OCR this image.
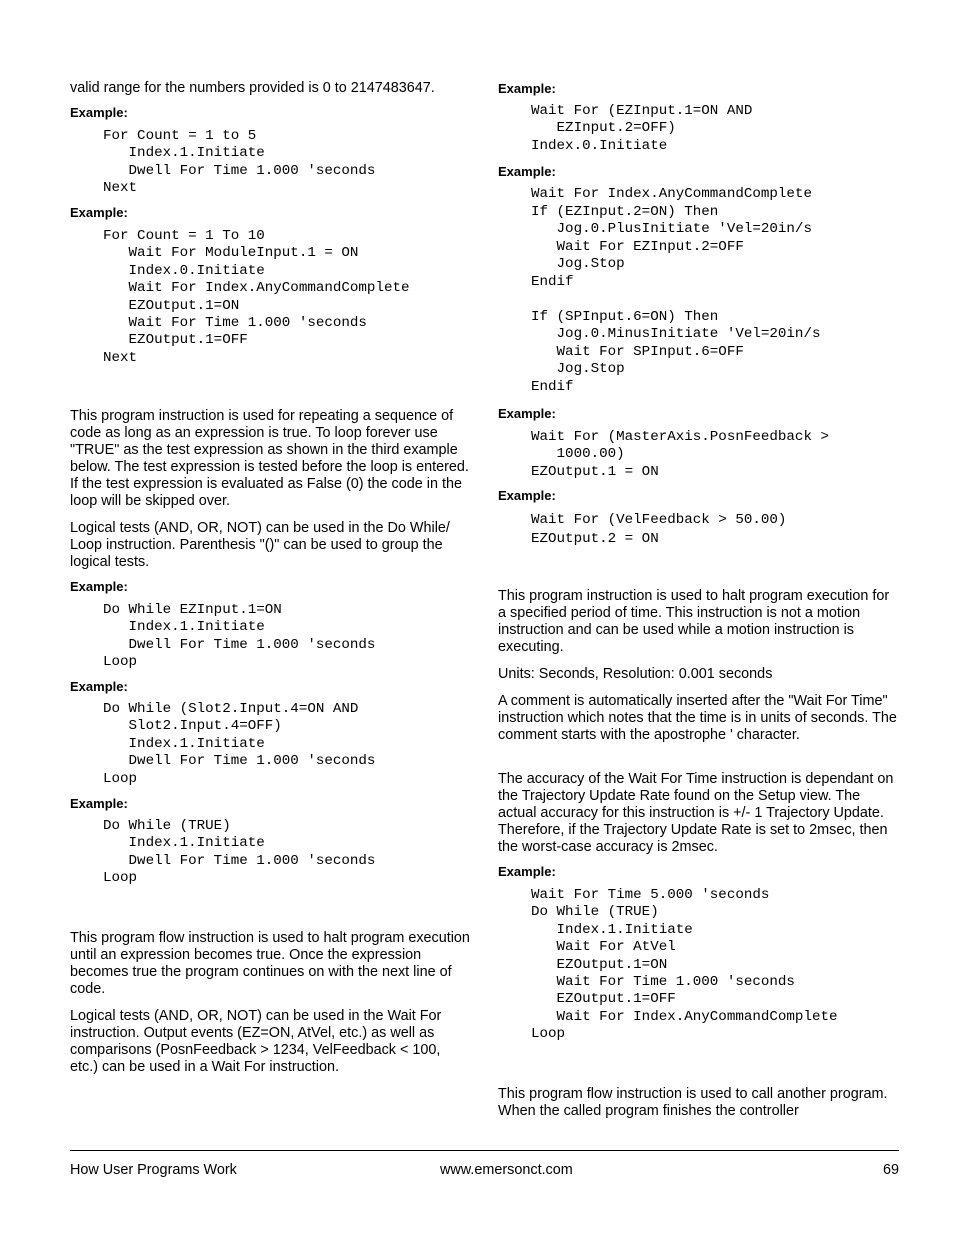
valid range for the numbers provided is 0 to 2147483647.

Example:
For Count = 1 to 5
Index.1.Initiate
Dwell For Time 1.000 'seconds
Next
Example:
For Count = 1 To 10
Wait For ModuleInput.1 = ON
Index.0.Initiate
Wait For Index.AnyCommandComplete
EZOutput.1=ON
Wait For Time 1.000 'seconds
EZOutput.1=OFF
Next

This program instruction is used for repeating a sequence of code as long as an expression is true. To loop forever use "TRUE" as the test expression as shown in the third example below. The test expression is tested before the loop is entered. If the test expression is evaluated as False (0) the code in the loop will be skipped over.

Logical tests (AND, OR, NOT) can be used in the Do While/ Loop instruction. Parenthesis "()" can be used to group the logical tests.

Example:
Do While EZInput.1=ON
Index.1.Initiate
Dwell For Time 1.000 'seconds
Loop
Example:
Do While (Slot2.Input.4=ON AND
Slot2.Input.4=OFF)
Index.1.Initiate
Dwell For Time 1.000 'seconds
Loop
Example:
Do While (TRUE)
Index.1.Initiate
Dwell For Time 1.000 'seconds
Loop

This program flow instruction is used to halt program execution until an expression becomes true. Once the expression becomes true the program continues on with the next line of code.

Logical tests (AND, OR, NOT) can be used in the Wait For instruction. Output events (EZ=ON, AtVel, etc.) as well as comparisons (PosnFeedback > 1234, VelFeedback < 100, etc.) can be used in a Wait For instruction.

Example:
Wait For (EZInput.1=ON AND
EZInput.2=OFF)
Index.0.Initiate
Example:
Wait For Index.AnyCommandComplete
If (EZInput.2=ON) Then
Jog.0.PlusInitiate 'Vel=20in/s
Wait For EZInput.2=OFF
Jog.Stop
Endif

If (SPInput.6=ON) Then
Jog.0.MinusInitiate 'Vel=20in/s
Wait For SPInput.6=OFF
Jog.Stop
Endif
Example:
Wait For (MasterAxis.PosnFeedback >
1000.00)
EZOutput.1 = ON
Example:
Wait For (VelFeedback > 50.00)
EZOutput.2 = ON

This program instruction is used to halt program execution for a specified period of time. This instruction is not a motion instruction and can be used while a motion instruction is executing.

Units: Seconds, Resolution: 0.001 seconds

A comment is automatically inserted after the "Wait For Time" instruction which notes that the time is in units of seconds. The comment starts with the apostrophe ' character.

The accuracy of the Wait For Time instruction is dependant on the Trajectory Update Rate found on the Setup view. The actual accuracy for this instruction is +/- 1 Trajectory Update. Therefore, if the Trajectory Update Rate is set to 2msec, then the worst-case accuracy is 2msec.

Example:
Wait For Time 5.000 'seconds
Do While (TRUE)
Index.1.Initiate
Wait For AtVel
EZOutput.1=ON
Wait For Time 1.000 'seconds
EZOutput.1=OFF
Wait For Index.AnyCommandComplete
Loop

This program flow instruction is used to call another program. When the called program finishes the controller

How User Programs Work	www.emersonct.com	69
